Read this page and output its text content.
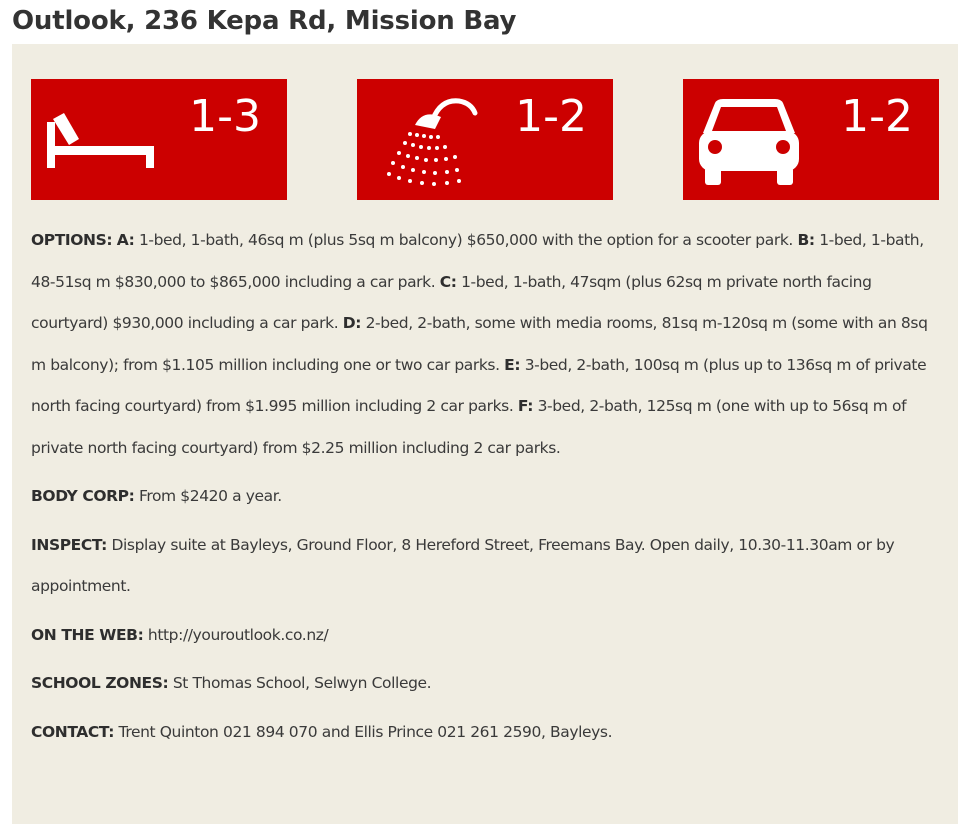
Outlook, 236 Kepa Rd, Mission Bay
1-3	1-2	1-2

OPTIONS: A: 1-bed, 1-bath, 46sq m (plus 5sq m balcony) $650,000 with the option for a scooter park. B: 1-bed, 1-bath, 48-51sq m $830,000 to $865,000 including a car park. C: 1-bed, 1-bath, 47sqm (plus 62sq m private north facing courtyard) $930,000 including a car park. D: 2-bed, 2-bath, some with media rooms, 81sq m-120sq m (some with an 8sq m balcony); from $1.105 million including one or two car parks. E: 3-bed, 2-bath, 100sq m (plus up to 136sq m of private north facing courtyard) from $1.995 million including 2 car parks. F: 3-bed, 2-bath, 125sq m (one with up to 56sq m of private north facing courtyard) from $2.25 million including 2 car parks.

BODY CORP: From $2420 a year.

INSPECT: Display suite at Bayleys, Ground Floor, 8 Hereford Street, Freemans Bay. Open daily, 10.30-11.30am or by appointment.

ON THE WEB: http://youroutlook.co.nz/

SCHOOL ZONES: St Thomas School, Selwyn College.

CONTACT: Trent Quinton 021 894 070 and Ellis Prince 021 261 2590, Bayleys.
